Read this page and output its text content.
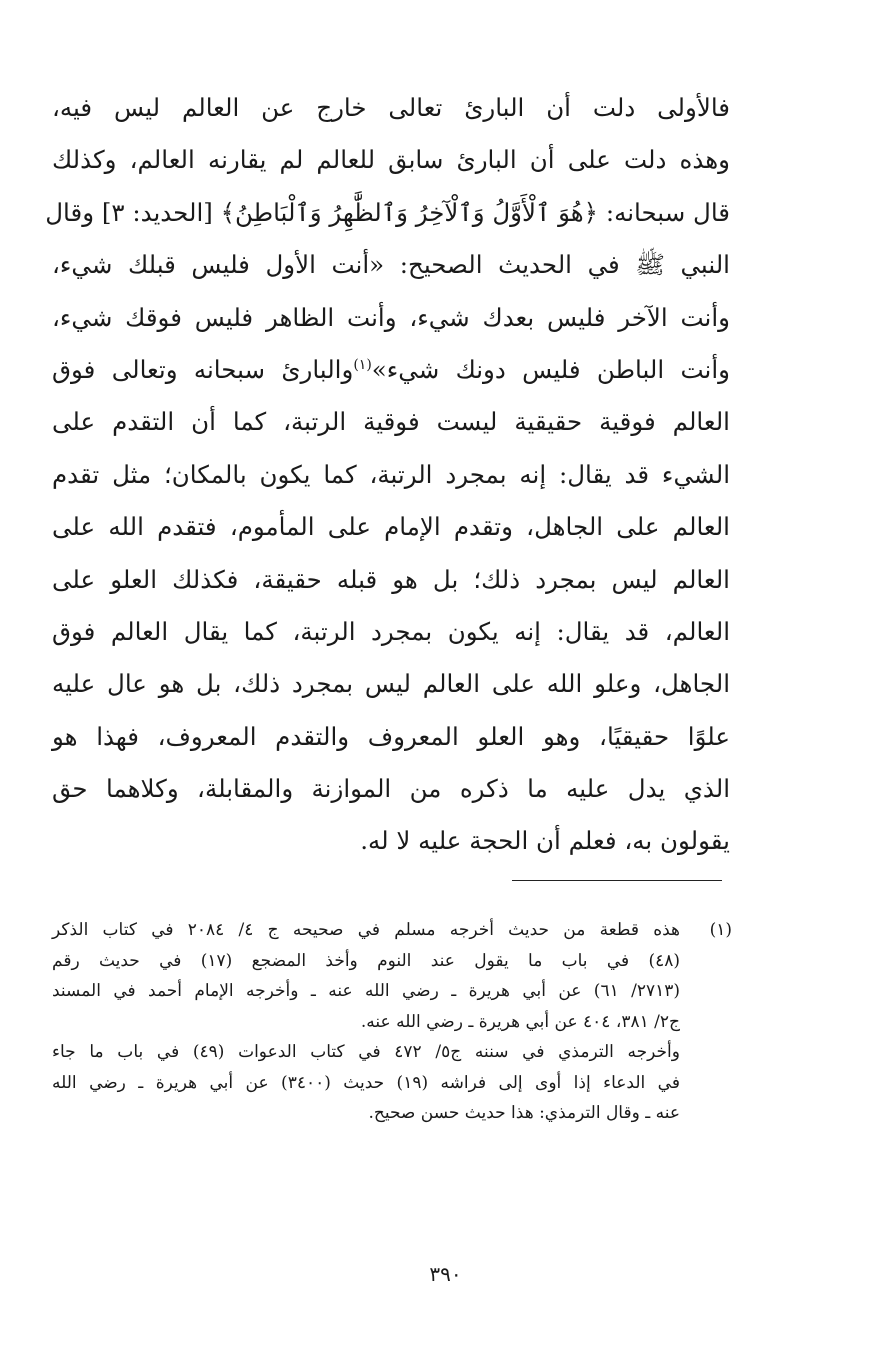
فالأولى دلت أن البارئ تعالى خارج عن العالم ليس فيه،
وهذه دلت على أن البارئ سابق للعالم لم يقارنه العالم، وكذلك
قال سبحانه: ﴿هُوَ ٱلْأَوَّلُ وَٱلْآخِرُ وَٱلظَّٰهِرُ وَٱلْبَاطِنُ﴾ [الحديد: ٣] وقال
النبي ﷺ في الحديث الصحيح: «أنت الأول فليس قبلك شيء،
وأنت الآخر فليس بعدك شيء، وأنت الظاهر فليس فوقك شيء،
وأنت الباطن فليس دونك شيء»$^{(١)}$والبارئ سبحانه وتعالى فوق
العالم فوقية حقيقية ليست فوقية الرتبة، كما أن التقدم على
الشيء قد يقال: إنه بمجرد الرتبة، كما يكون بالمكان؛ مثل تقدم
العالم على الجاهل، وتقدم الإمام على المأموم، فتقدم الله على
العالم ليس بمجرد ذلك؛ بل هو قبله حقيقة، فكذلك العلو على
العالم، قد يقال: إنه يكون بمجرد الرتبة، كما يقال العالم فوق
الجاهل، وعلو الله على العالم ليس بمجرد ذلك، بل هو عال عليه
علوًا حقيقيًا، وهو العلو المعروف والتقدم المعروف، فهذا هو
الذي يدل عليه ما ذكره من الموازنة والمقابلة، وكلاهما حق
يقولون به، فعلم أن الحجة عليه لا له.
(١)
هذه قطعة من حديث أخرجه مسلم في صحيحه ج ٤/ ٢٠٨٤ في كتاب الذكر
(٤٨) في باب ما يقول عند النوم وأخذ المضجع (١٧) في حديث رقم
(٢٧١٣/ ٦١) عن أبي هريرة ـ رضي الله عنه ـ وأخرجه الإمام أحمد في المسند
ج٢/ ٣٨١، ٤٠٤ عن أبي هريرة ـ رضي الله عنه.
وأخرجه الترمذي في سننه ج٥/ ٤٧٢ في كتاب الدعوات (٤٩) في باب ما جاء
في الدعاء إذا أوى إلى فراشه (١٩) حديث (٣٤٠٠) عن أبي هريرة ـ رضي الله
عنه ـ وقال الترمذي: هذا حديث حسن صحيح.
٣٩٠
